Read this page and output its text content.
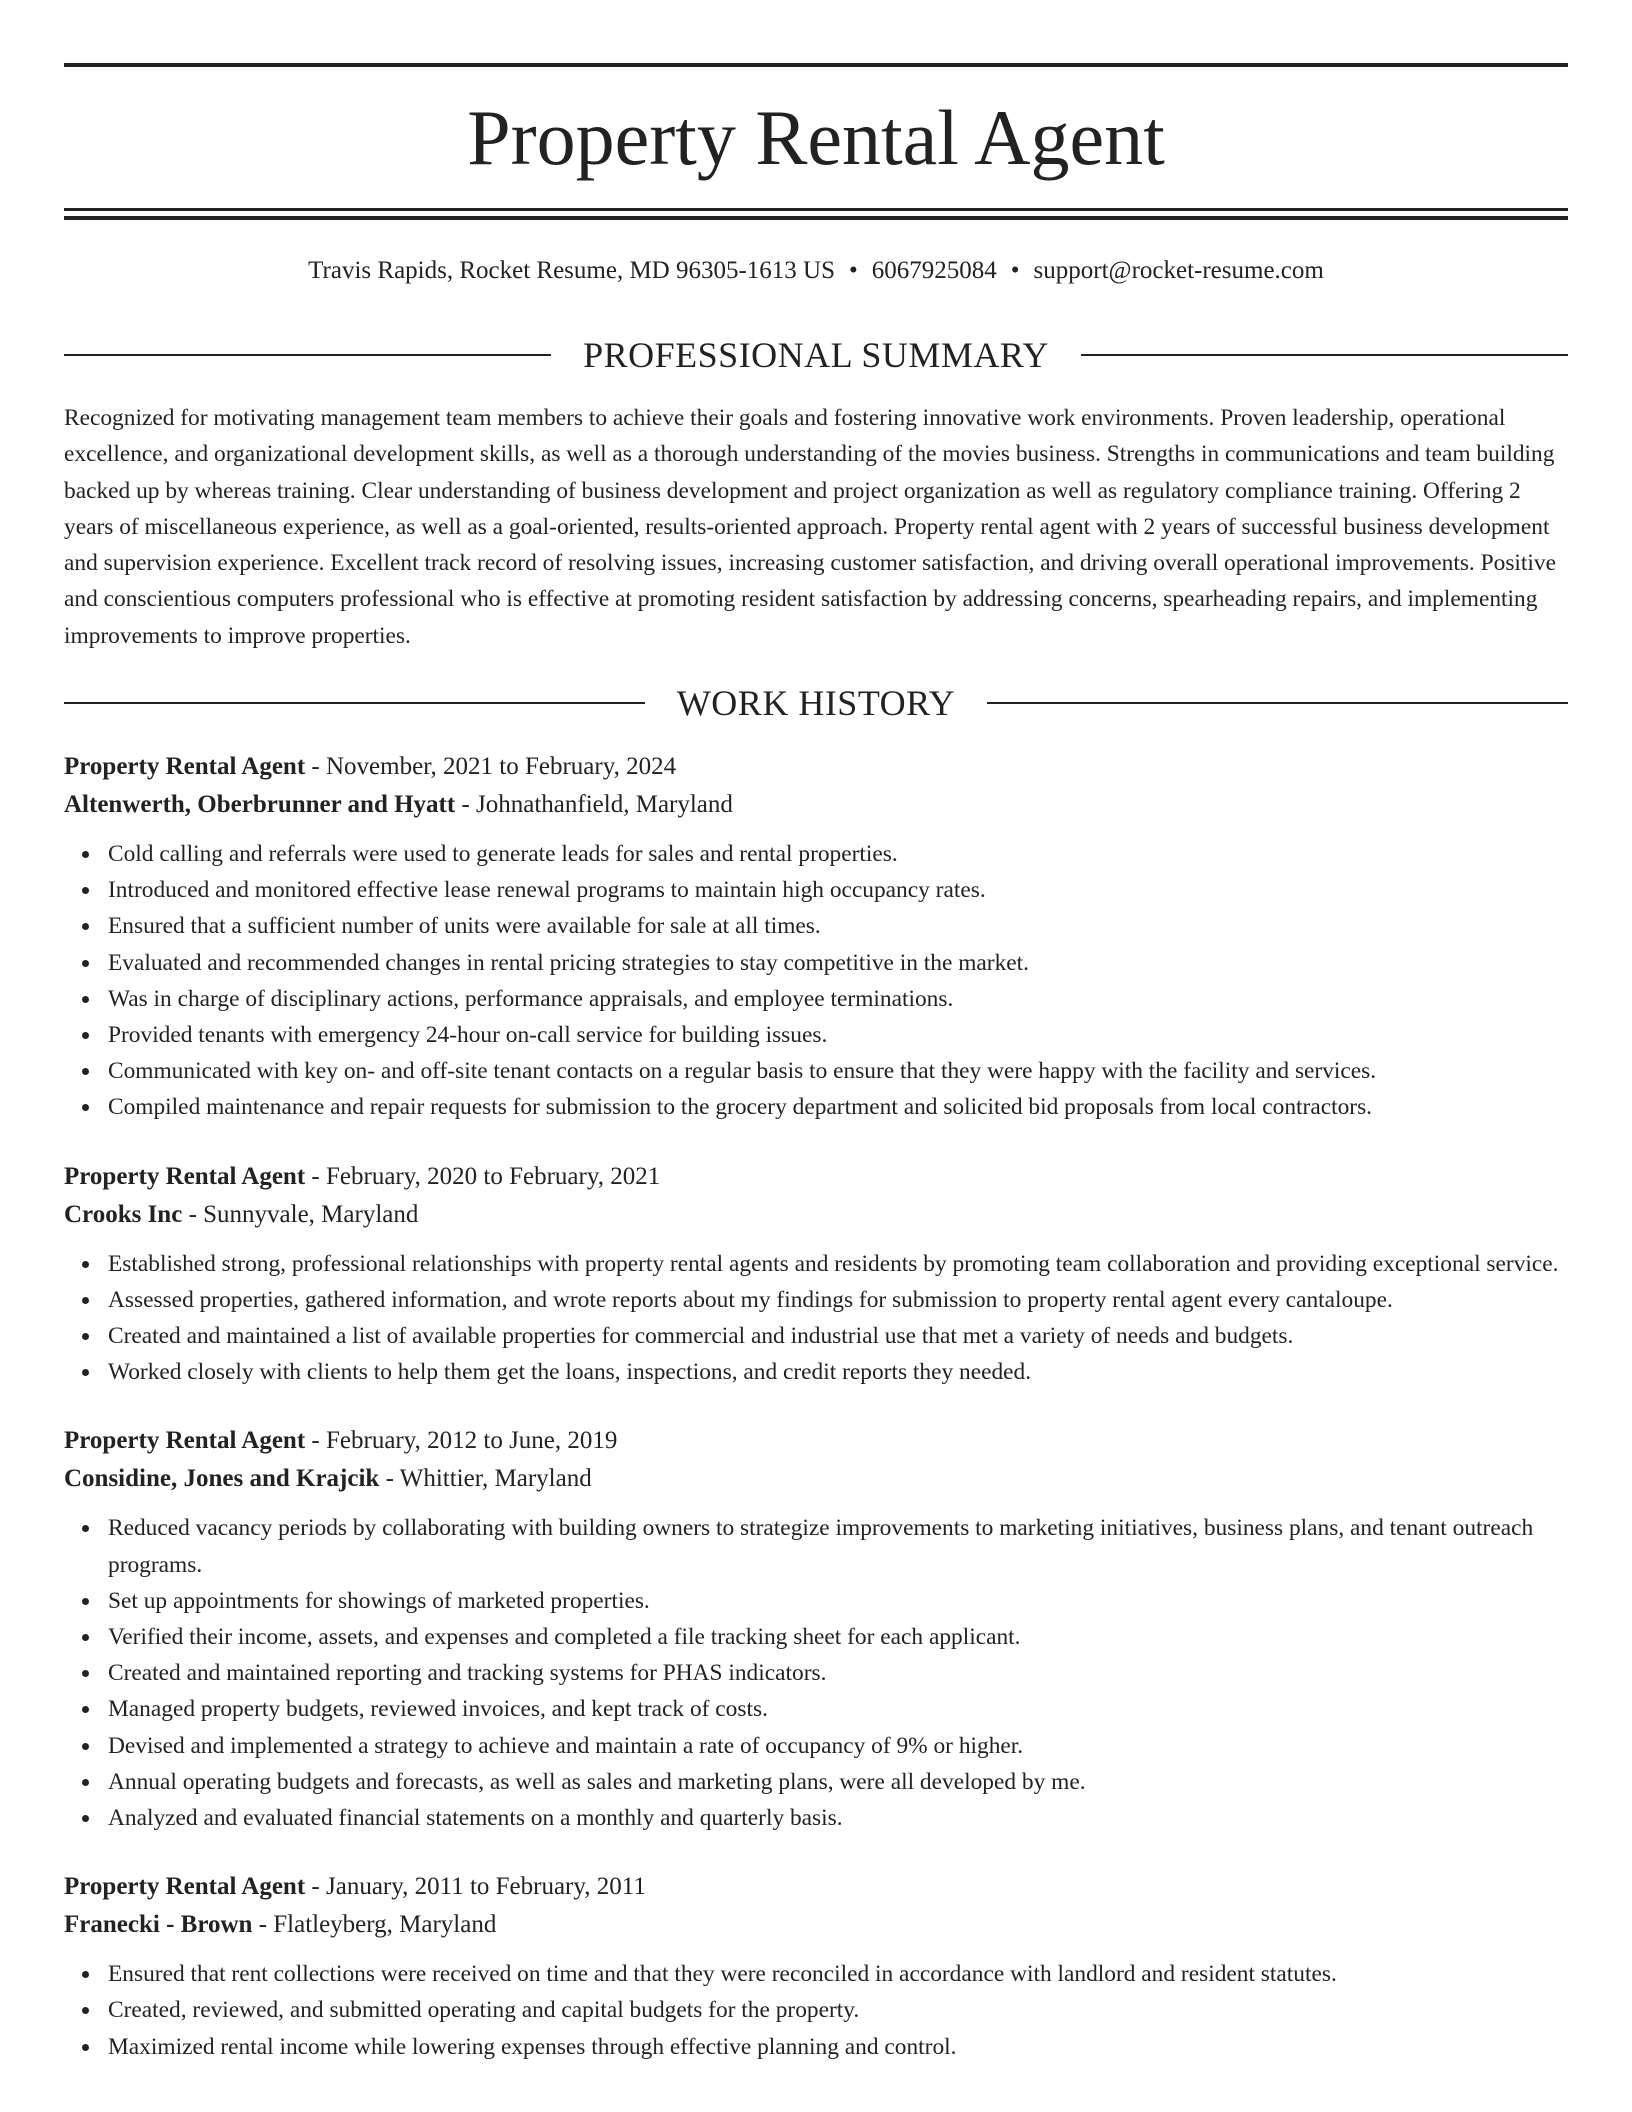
Property Rental Agent
Travis Rapids, Rocket Resume, MD 96305-1613 US • 6067925084 • support@rocket-resume.com
PROFESSIONAL SUMMARY

Recognized for motivating management team members to achieve their goals and fostering innovative work environments. Proven leadership, operational excellence, and organizational development skills, as well as a thorough understanding of the movies business. Strengths in communications and team building backed up by whereas training. Clear understanding of business development and project organization as well as regulatory compliance training. Offering 2 years of miscellaneous experience, as well as a goal-oriented, results-oriented approach. Property rental agent with 2 years of successful business development and supervision experience. Excellent track record of resolving issues, increasing customer satisfaction, and driving overall operational improvements. Positive and conscientious computers professional who is effective at promoting resident satisfaction by addressing concerns, spearheading repairs, and implementing improvements to improve properties.

WORK HISTORY
Property Rental Agent - November, 2021 to February, 2024
Altenwerth, Oberbrunner and Hyatt - Johnathanfield, Maryland
Cold calling and referrals were used to generate leads for sales and rental properties.
Introduced and monitored effective lease renewal programs to maintain high occupancy rates.
Ensured that a sufficient number of units were available for sale at all times.
Evaluated and recommended changes in rental pricing strategies to stay competitive in the market.
Was in charge of disciplinary actions, performance appraisals, and employee terminations.
Provided tenants with emergency 24-hour on-call service for building issues.
Communicated with key on- and off-site tenant contacts on a regular basis to ensure that they were happy with the facility and services.
Compiled maintenance and repair requests for submission to the grocery department and solicited bid proposals from local contractors.
Property Rental Agent - February, 2020 to February, 2021
Crooks Inc - Sunnyvale, Maryland
Established strong, professional relationships with property rental agents and residents by promoting team collaboration and providing exceptional service.
Assessed properties, gathered information, and wrote reports about my findings for submission to property rental agent every cantaloupe.
Created and maintained a list of available properties for commercial and industrial use that met a variety of needs and budgets.
Worked closely with clients to help them get the loans, inspections, and credit reports they needed.
Property Rental Agent - February, 2012 to June, 2019
Considine, Jones and Krajcik - Whittier, Maryland
Reduced vacancy periods by collaborating with building owners to strategize improvements to marketing initiatives, business plans, and tenant outreach programs.
Set up appointments for showings of marketed properties.
Verified their income, assets, and expenses and completed a file tracking sheet for each applicant.
Created and maintained reporting and tracking systems for PHAS indicators.
Managed property budgets, reviewed invoices, and kept track of costs.
Devised and implemented a strategy to achieve and maintain a rate of occupancy of 9% or higher.
Annual operating budgets and forecasts, as well as sales and marketing plans, were all developed by me.
Analyzed and evaluated financial statements on a monthly and quarterly basis.
Property Rental Agent - January, 2011 to February, 2011
Franecki - Brown - Flatleyberg, Maryland
Ensured that rent collections were received on time and that they were reconciled in accordance with landlord and resident statutes.
Created, reviewed, and submitted operating and capital budgets for the property.
Maximized rental income while lowering expenses through effective planning and control.
